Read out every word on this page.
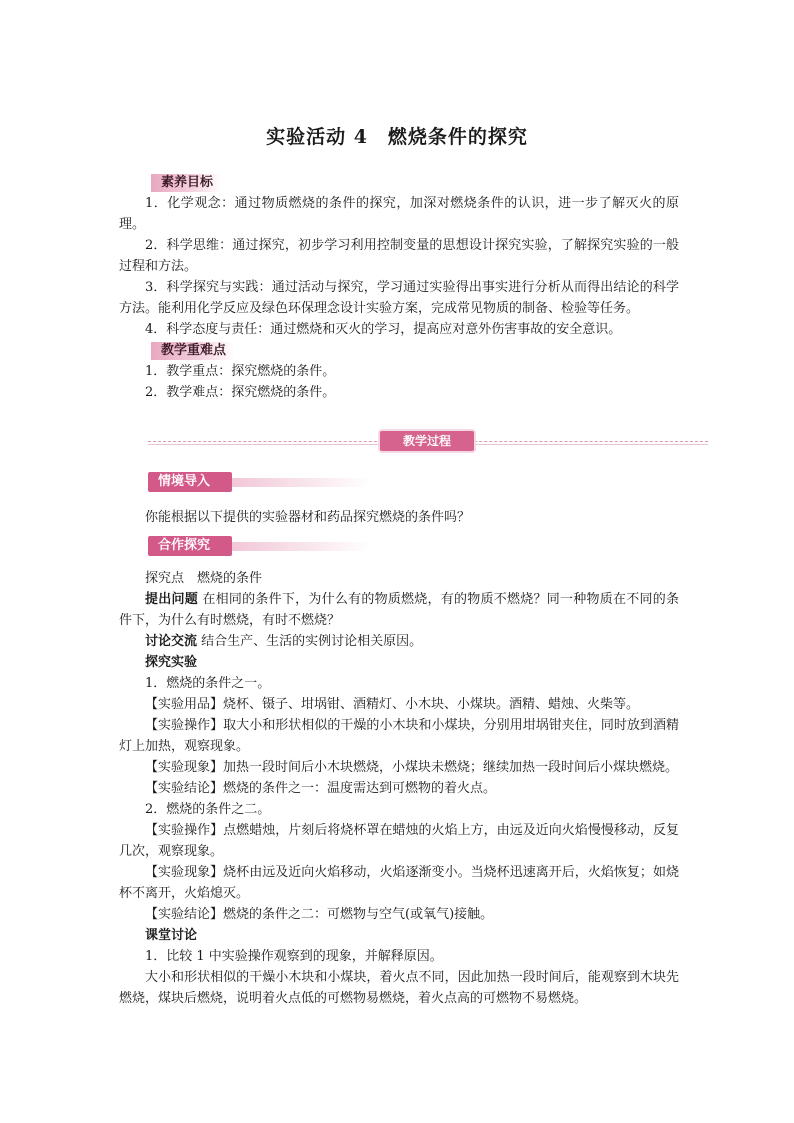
实验活动 4　燃烧条件的探究
素养目标

1．化学观念：通过物质燃烧的条件的探究，加深对燃烧条件的认识，进一步了解灭火的原理。

2．科学思维：通过探究，初步学习利用控制变量的思想设计探究实验，了解探究实验的一般过程和方法。

3．科学探究与实践：通过活动与探究，学习通过实验得出事实进行分析从而得出结论的科学方法。能利用化学反应及绿色环保理念设计实验方案，完成常见物质的制备、检验等任务。

4．科学态度与责任：通过燃烧和灭火的学习，提高应对意外伤害事故的安全意识。

教学重难点

1．教学重点：探究燃烧的条件。

2．教学难点：探究燃烧的条件。

教学过程
情境导入

你能根据以下提供的实验器材和药品探究燃烧的条件吗？

合作探究

探究点　燃烧的条件

提出问题 在相同的条件下，为什么有的物质燃烧，有的物质不燃烧？同一种物质在不同的条件下，为什么有时燃烧，有时不燃烧？

讨论交流 结合生产、生活的实例讨论相关原因。

探究实验

1．燃烧的条件之一。

【实验用品】烧杯、镊子、坩埚钳、酒精灯、小木块、小煤块。酒精、蜡烛、火柴等。

【实验操作】取大小和形状相似的干燥的小木块和小煤块，分别用坩埚钳夹住，同时放到酒精灯上加热，观察现象。

【实验现象】加热一段时间后小木块燃烧，小煤块未燃烧；继续加热一段时间后小煤块燃烧。

【实验结论】燃烧的条件之一：温度需达到可燃物的着火点。

2．燃烧的条件之二。

【实验操作】点燃蜡烛，片刻后将烧杯罩在蜡烛的火焰上方，由远及近向火焰慢慢移动，反复几次，观察现象。

【实验现象】烧杯由远及近向火焰移动，火焰逐渐变小。当烧杯迅速离开后，火焰恢复；如烧杯不离开，火焰熄灭。

【实验结论】燃烧的条件之二：可燃物与空气(或氧气)接触。

课堂讨论

1．比较 1 中实验操作观察到的现象，并解释原因。

大小和形状相似的干燥小木块和小煤块，着火点不同，因此加热一段时间后，能观察到木块先燃烧，煤块后燃烧，说明着火点低的可燃物易燃烧，着火点高的可燃物不易燃烧。
